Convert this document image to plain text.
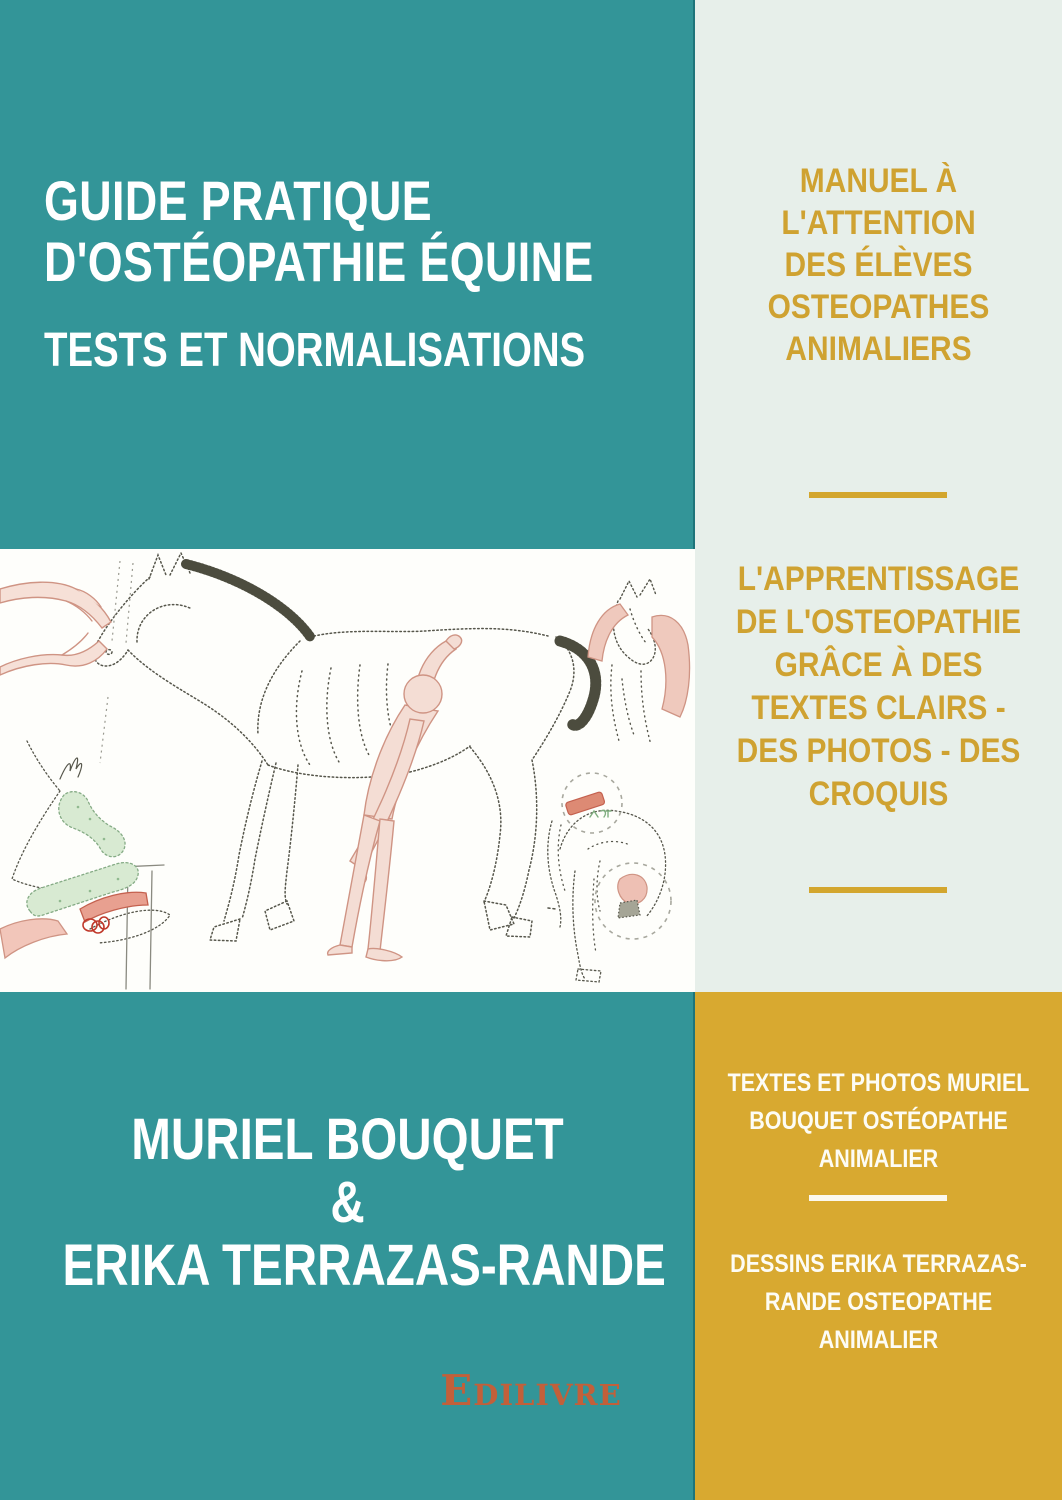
GUIDE PRATIQUE
D'OSTÉOPATHIE ÉQUINE
TESTS ET NORMALISATIONS
MURIEL BOUQUET
&
ERIKA TERRAZAS-RANDE
MANUEL À
L'ATTENTION
DES ÉLÈVES
OSTEOPATHES
ANIMALIERS
L'APPRENTISSAGE
DE L'OSTEOPATHIE
GRÂCE À DES
TEXTES CLAIRS -
DES PHOTOS - DES
CROQUIS
TEXTES ET PHOTOS MURIEL
BOUQUET OSTÉOPATHE
ANIMALIER
DESSINS ERIKA TERRAZAS-
RANDE OSTEOPATHE
ANIMALIER
Edilivre
